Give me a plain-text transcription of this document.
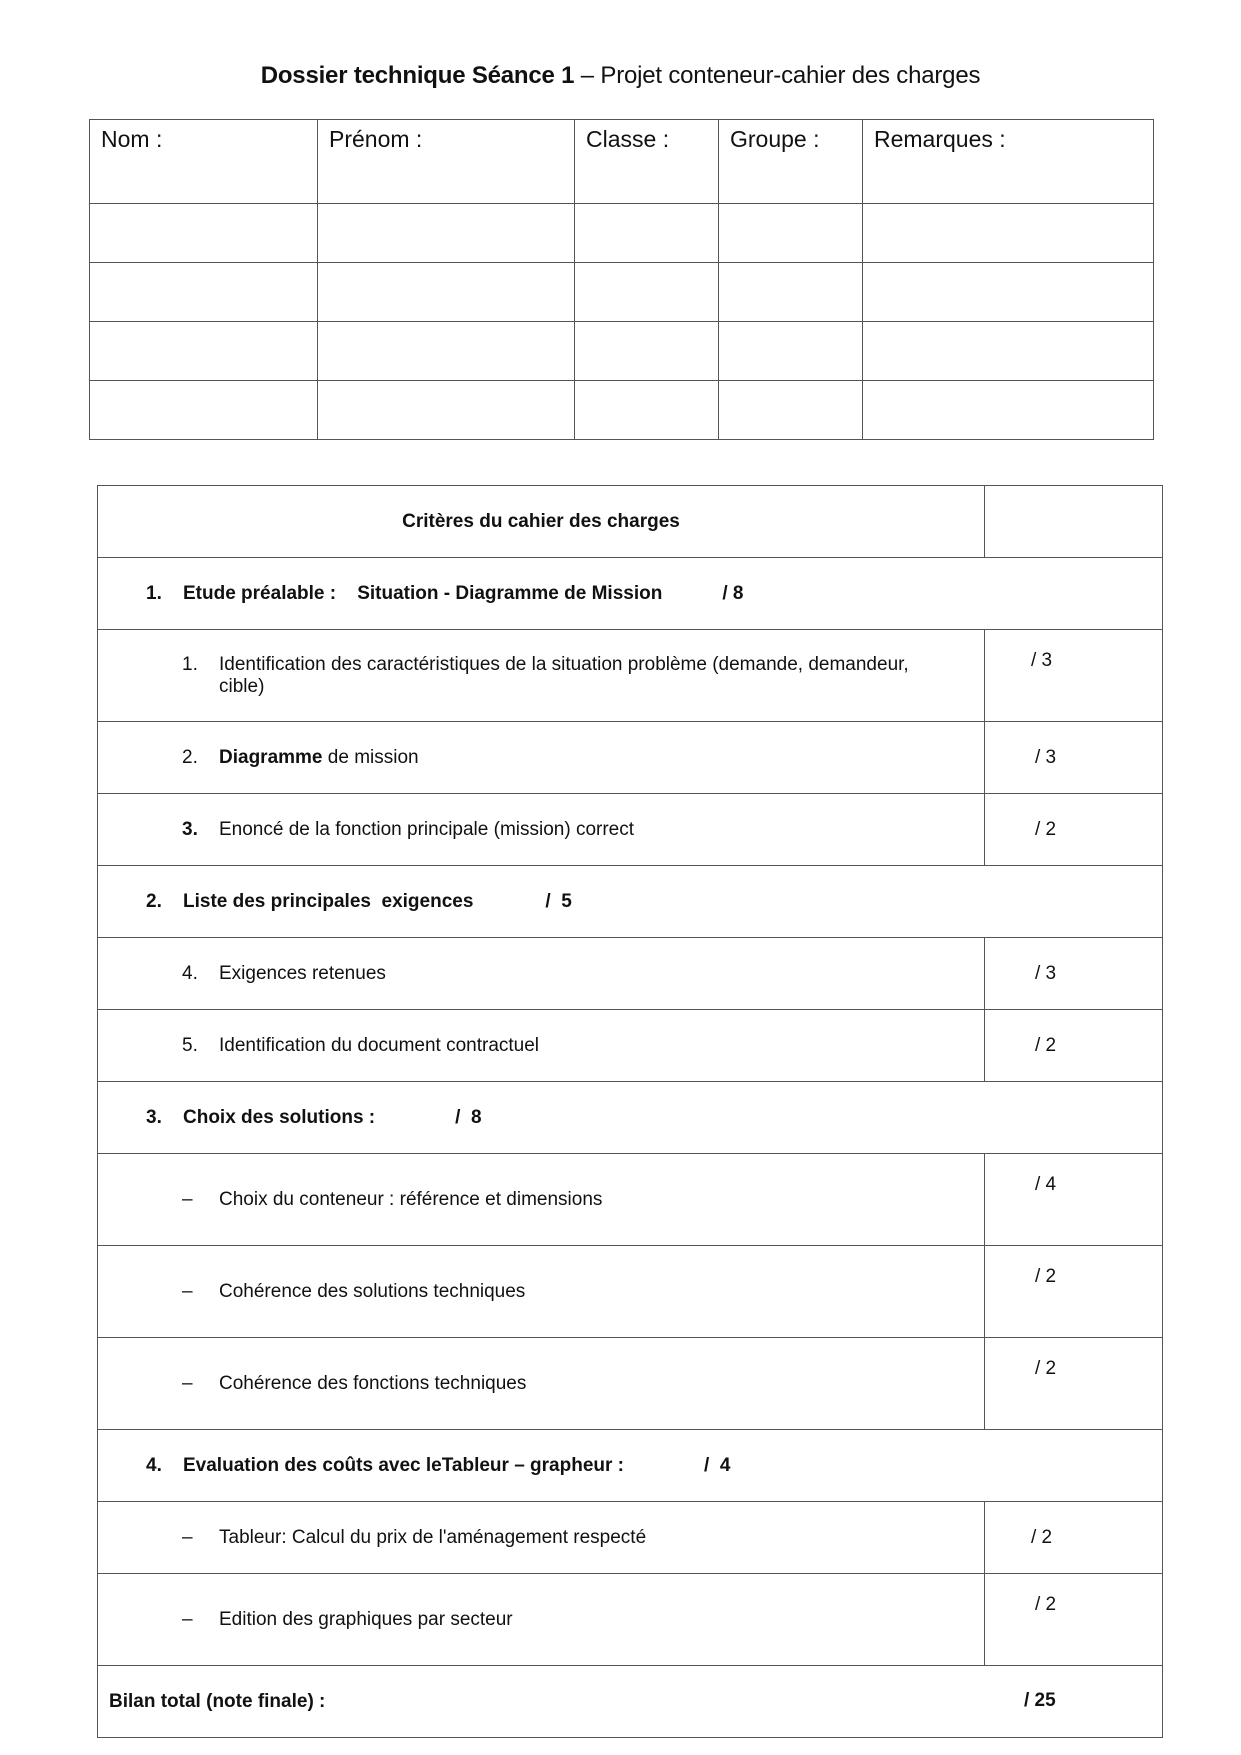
Dossier technique Séance 1 – Projet conteneur-cahier des charges
Nom :	Prénom :	Classe :	Groupe :	Remarques :

Critères du cahier des charges	
1. Etude préalable :    Situation - Diagramme de Mission / 8	
1. Identification des caractéristiques de la situation problème (demande, demandeur, cible)	/ 3
2. Diagramme de mission	/ 3
3. Enoncé de la fonction principale (mission) correct	/ 2
2. Liste des principales  exigences /  5	
4. Exigences retenues	/ 3
5. Identification du document contractuel	/ 2
3. Choix des solutions : /  8	
– Choix du conteneur : référence et dimensions	/ 4
– Cohérence des solutions techniques	/ 2
– Cohérence des fonctions techniques	/ 2
4. Evaluation des coûts avec leTableur – grapheur : /  4	
– Tableur: Calcul du prix de l'aménagement respecté	/ 2
– Edition des graphiques par secteur	/ 2
Bilan total (note finale) : / 25	
